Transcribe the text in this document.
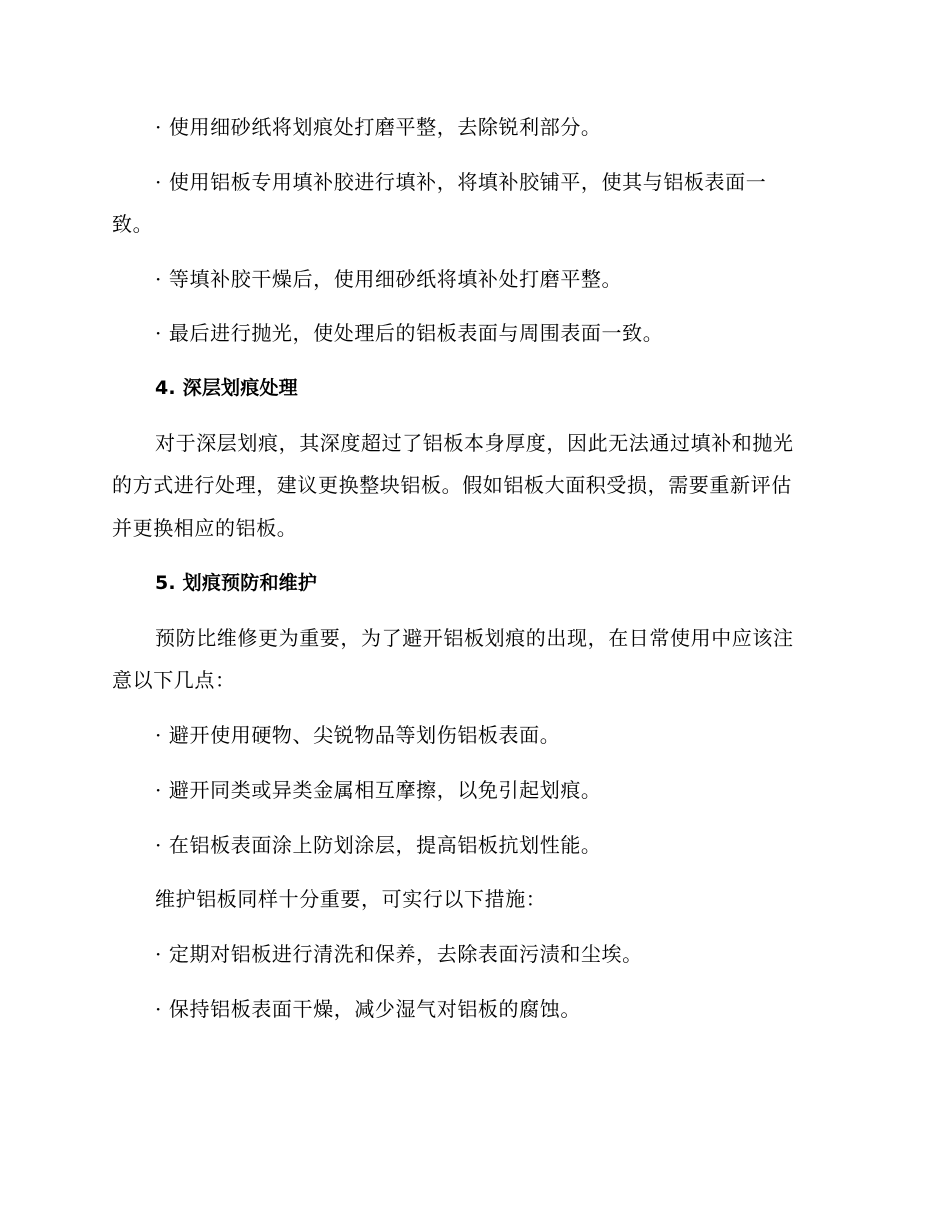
· 使用细砂纸将划痕处打磨平整，去除锐利部分。
· 使用铝板专用填补胶进行填补，将填补胶铺平，使其与铝板表面一
致。
· 等填补胶干燥后，使用细砂纸将填补处打磨平整。
· 最后进行抛光，使处理后的铝板表面与周围表面一致。
4. 深层划痕处理
对于深层划痕，其深度超过了铝板本身厚度，因此无法通过填补和抛光
的方式进行处理，建议更换整块铝板。假如铝板大面积受损，需要重新评估
并更换相应的铝板。
5. 划痕预防和维护
预防比维修更为重要，为了避开铝板划痕的出现，在日常使用中应该注
意以下几点：
· 避开使用硬物、尖锐物品等划伤铝板表面。
· 避开同类或异类金属相互摩擦，以免引起划痕。
· 在铝板表面涂上防划涂层，提高铝板抗划性能。
维护铝板同样十分重要，可实行以下措施：
· 定期对铝板进行清洗和保养，去除表面污渍和尘埃。
· 保持铝板表面干燥，减少湿气对铝板的腐蚀。
